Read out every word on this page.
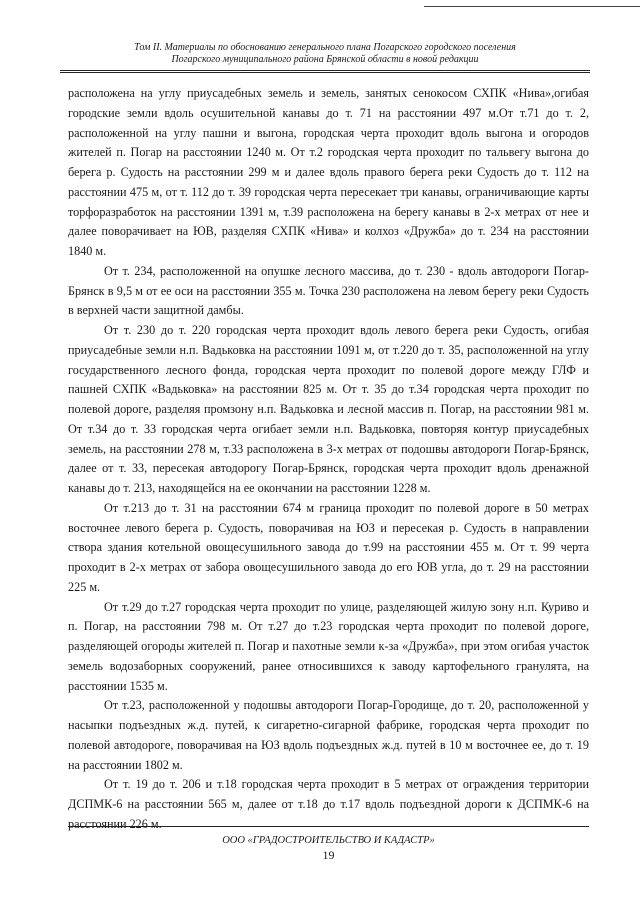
Том II. Материалы по обоснованию генерального плана Погарского городского поселения
Погарского муниципального района Брянской области в новой редакции

расположена на углу приусадебных земель и земель, занятых сенокосом СХПК «Нива»,огибая городские земли вдоль осушительной канавы до т. 71 на расстоянии 497 м.От т.71 до т. 2, расположенной на углу пашни и выгона, городская черта проходит вдоль выгона и огородов жителей п. Погар на расстоянии 1240 м. От т.2 городская черта проходит по тальвегу выгона до берега р. Судость на расстоянии 299 м и далее вдоль правого берега реки Судость до т. 112 на расстоянии 475 м, от т. 112 до т. 39 городская черта пересекает три канавы, ограничивающие карты торфоразработок на расстоянии 1391 м, т.39 расположена на берегу канавы в 2-х метрах от нее и далее поворачивает на ЮВ, разделяя СХПК «Нива» и колхоз «Дружба» до т. 234 на расстоянии 1840 м.

От т. 234, расположенной на опушке лесного массива, до т. 230 - вдоль автодороги Погар-Брянск в 9,5 м от ее оси на расстоянии 355 м. Точка 230 расположена на левом берегу реки Судость в верхней части защитной дамбы.

От т. 230 до т. 220 городская черта проходит вдоль левого берега реки Судость, огибая приусадебные земли н.п. Вадьковка на расстоянии 1091 м, от т.220 до т. 35, расположенной на углу государственного лесного фонда, городская черта проходит по полевой дороге между ГЛФ и пашней СХПК «Вадьковка» на расстоянии 825 м. От т. 35 до т.34 городская черта проходит по полевой дороге, разделяя промзону н.п. Вадьковка и лесной массив п. Погар, на расстоянии 981 м. От т.34 до т. 33 городская черта огибает земли н.п. Вадьковка, повторяя контур приусадебных земель, на расстоянии 278 м, т.33 расположена в 3-х метрах от подошвы автодороги Погар-Брянск, далее от т. 33, пересекая автодорогу Погар-Брянск, городская черта проходит вдоль дренажной канавы до т. 213, находящейся на ее окончании на расстоянии 1228 м.

От т.213 до т. 31 на расстоянии 674 м граница проходит по полевой дороге в 50 метрах восточнее левого берега р. Судость, поворачивая на ЮЗ и пересекая р. Судость в направлении створа здания котельной овощесушильного завода до т.99 на расстоянии 455 м. От т. 99 черта проходит в 2-х метрах от забора овощесушильного завода до его ЮВ угла, до т. 29 на расстоянии 225 м.

От т.29 до т.27 городская черта проходит по улице, разделяющей жилую зону н.п. Куриво и п. Погар, на расстоянии 798 м. От т.27 до т.23 городская черта проходит по полевой дороге, разделяющей огороды жителей п. Погар и пахотные земли к-за «Дружба», при этом огибая участок земель водозаборных сооружений, ранее относившихся к заводу картофельного гранулята, на расстоянии 1535 м.

От т.23, расположенной у подошвы автодороги Погар-Городище, до т. 20, расположенной у насыпки подъездных ж.д. путей, к сигаретно-сигарной фабрике, городская черта проходит по полевой автодороге, поворачивая на ЮЗ вдоль подъездных ж.д. путей в 10 м восточнее ее, до т. 19 на расстоянии 1802 м.

От т. 19 до т. 206 и т.18 городская черта проходит в 5 метрах от ограждения территории ДСПМК-6 на расстоянии 565 м, далее от т.18 до т.17 вдоль подъездной дороги к ДСПМК-6 на расстоянии 226 м.

ООО «ГРАДОСТРОИТЕЛЬСТВО И КАДАСТР»
19
